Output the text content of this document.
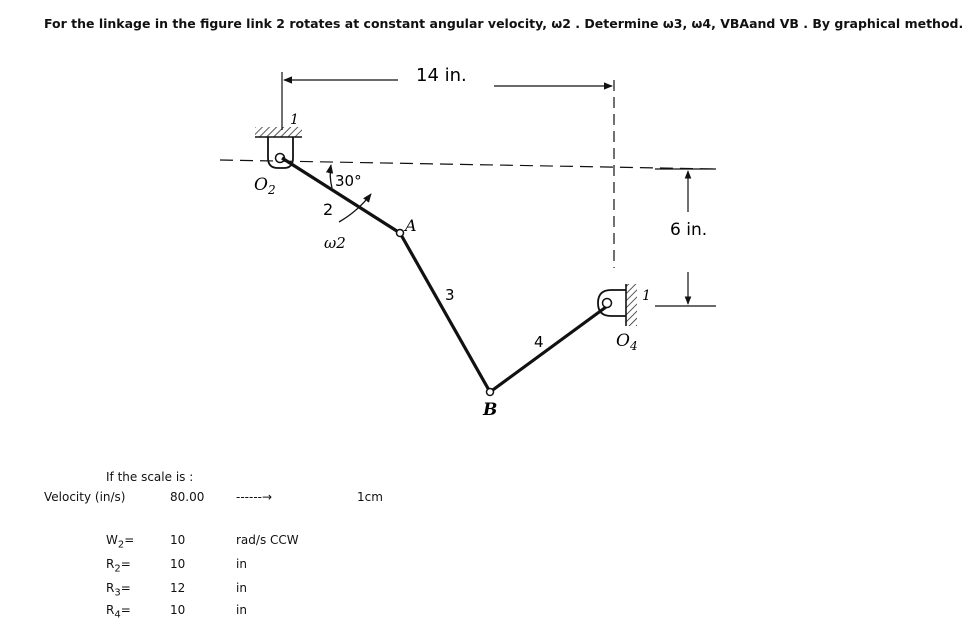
For the linkage in the figure link 2 rotates at constant angular velocity, ω2 . Determine ω3, ω4, VBAand VB . By graphical method.
14 in.
6 in.
1
$O_2$	30°
2
ω2
A
3
4
B
1
$O_4$
If the scale is :
Velocity (in/s)	80.00	------→	1cm
$W_2=$	10	rad/s CCW
$R_2=$	10	in
$R_3=$	12	in
$R_4=$	10	in
